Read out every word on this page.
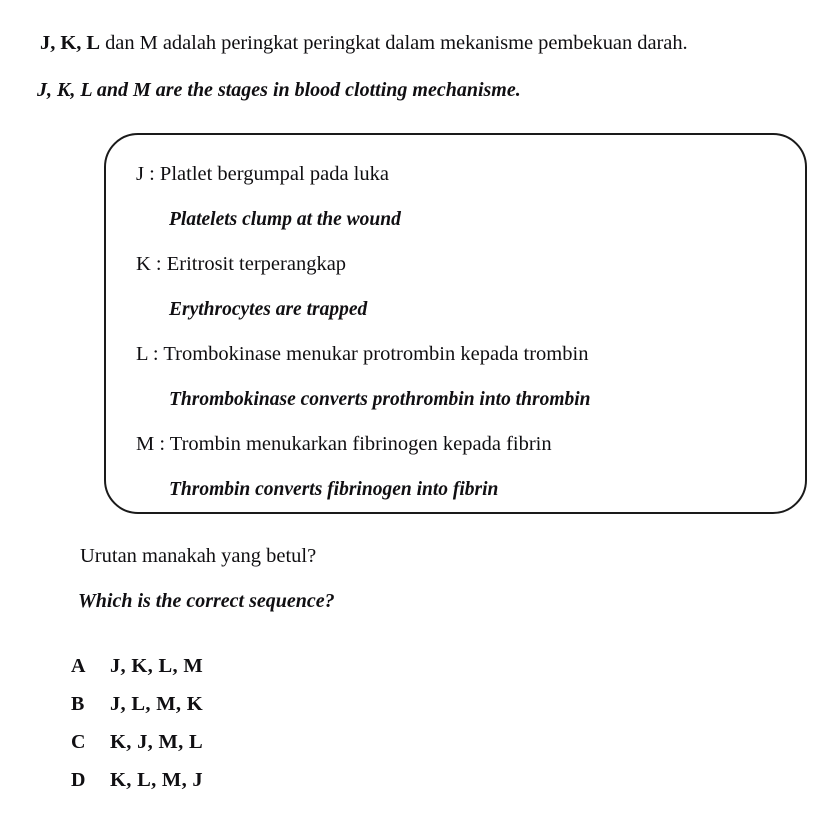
J, K, L dan M adalah peringkat peringkat dalam mekanisme pembekuan darah.
J, K, L and M are the stages in blood clotting mechanisme.
J : Platlet bergumpal pada luka
Platelets clump at the wound
K : Eritrosit terperangkap
Erythrocytes are trapped
L : Trombokinase menukar protrombin kepada trombin
Thrombokinase converts prothrombin into thrombin
M : Trombin menukarkan fibrinogen kepada fibrin
Thrombin converts fibrinogen into fibrin
Urutan manakah yang betul?
Which is the correct sequence?
A	J, K, L, M
B	J, L, M, K
C	K, J, M, L
D	K, L, M, J
